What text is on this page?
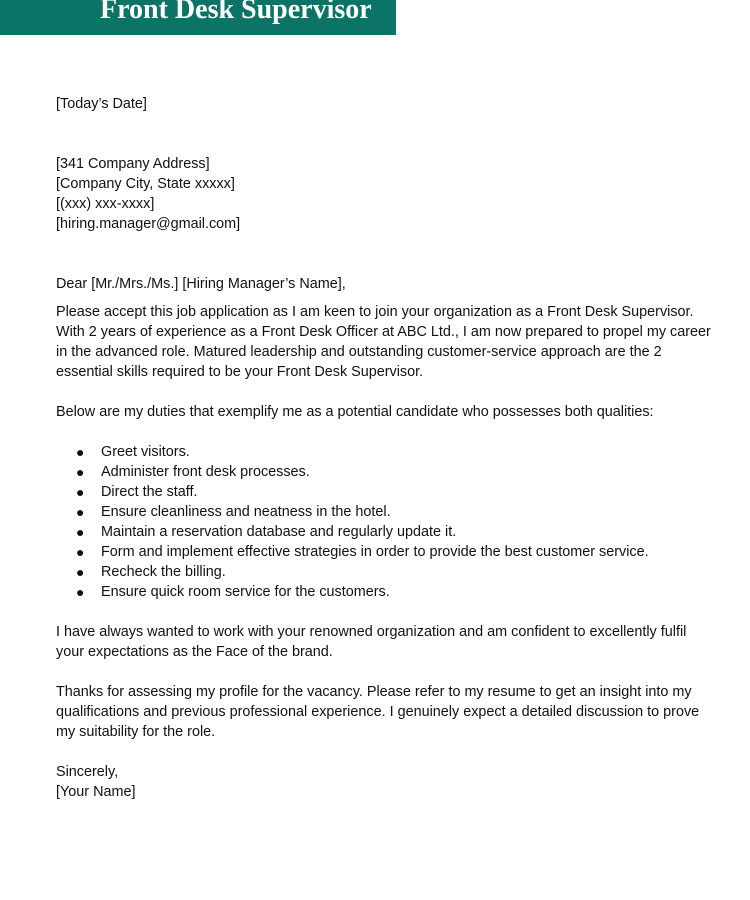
Front Desk Supervisor

[Today’s Date]

[341 Company Address]
[Company City, State xxxxx]
[(xxx) xxx-xxxx]
[hiring.manager@gmail.com]

Dear [Mr./Mrs./Ms.] [Hiring Manager’s Name],

Please accept this job application as I am keen to join your organization as a Front Desk Supervisor. With 2 years of experience as a Front Desk Officer at ABC Ltd., I am now prepared to propel my career in the advanced role. Matured leadership and outstanding customer-service approach are the 2 essential skills required to be your Front Desk Supervisor.

Below are my duties that exemplify me as a potential candidate who possesses both qualities:

● Greet visitors.
● Administer front desk processes.
● Direct the staff.
● Ensure cleanliness and neatness in the hotel.
● Maintain a reservation database and regularly update it.
● Form and implement effective strategies in order to provide the best customer service.
● Recheck the billing.
● Ensure quick room service for the customers.

I have always wanted to work with your renowned organization and am confident to excellently fulfil your expectations as the Face of the brand.

Thanks for assessing my profile for the vacancy. Please refer to my resume to get an insight into my qualifications and previous professional experience. I genuinely expect a detailed discussion to prove my suitability for the role.

Sincerely,
[Your Name]
